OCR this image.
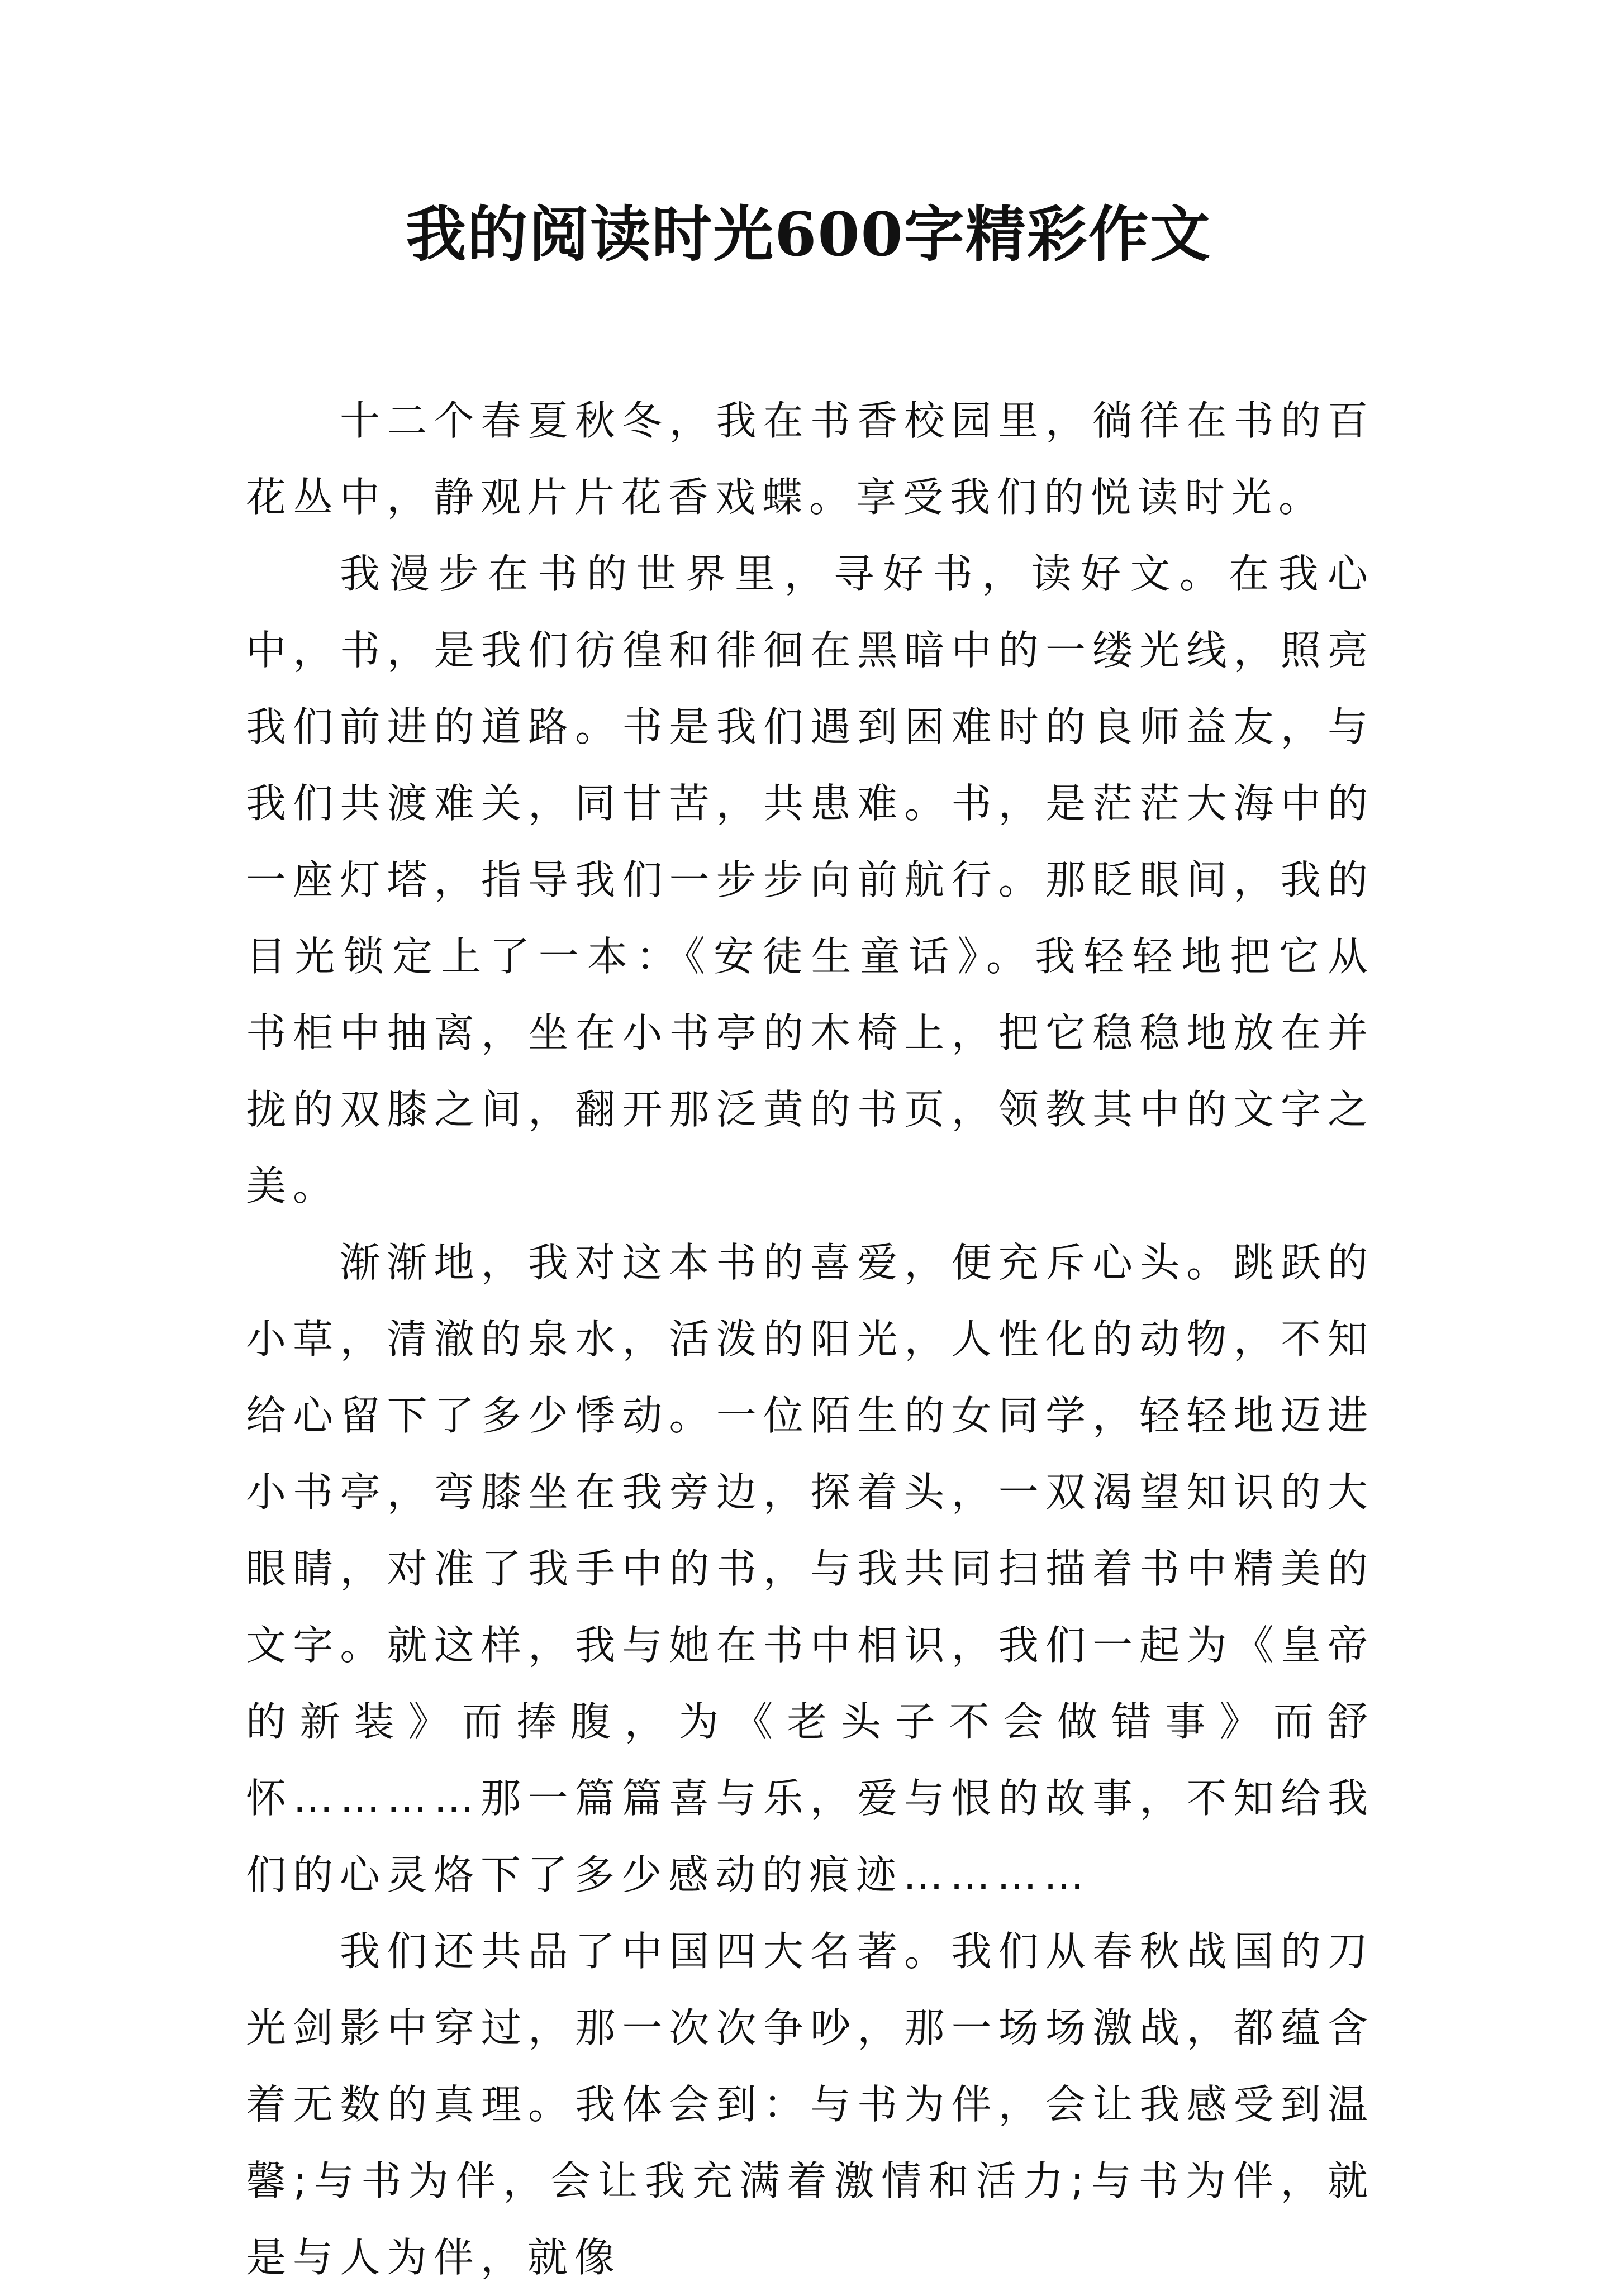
我的阅读时光600字精彩作文

十二个春夏秋冬，我在书香校园里，徜徉在书的百花丛中，静观片片花香戏蝶。享受我们的悦读时光。

我漫步在书的世界里，寻好书，读好文。在我心中，书，是我们彷徨和徘徊在黑暗中的一缕光线，照亮我们前进的道路。书是我们遇到困难时的良师益友，与我们共渡难关，同甘苦，共患难。书，是茫茫大海中的一座灯塔，指导我们一步步向前航行。那眨眼间，我的目光锁定上了一本：《安徒生童话》。我轻轻地把它从书柜中抽离，坐在小书亭的木椅上，把它稳稳地放在并拢的双膝之间，翻开那泛黄的书页，领教其中的文字之美。

渐渐地，我对这本书的喜爱，便充斥心头。跳跃的小草，清澈的泉水，活泼的阳光，人性化的动物，不知给心留下了多少悸动。一位陌生的女同学，轻轻地迈进小书亭，弯膝坐在我旁边，探着头，一双渴望知识的大眼睛，对准了我手中的书，与我共同扫描着书中精美的文字。就这样，我与她在书中相识，我们一起为《皇帝的新装》而捧腹，为《老头子不会做错事》而舒怀…………那一篇篇喜与乐，爱与恨的故事，不知给我们的心灵烙下了多少感动的痕迹…………

我们还共品了中国四大名著。我们从春秋战国的刀光剑影中穿过，那一次次争吵，那一场场激战，都蕴含着无数的真理。我体会到：与书为伴，会让我感受到温馨;与书为伴，会让我充满着激情和活力;与书为伴，就是与人为伴，就像
